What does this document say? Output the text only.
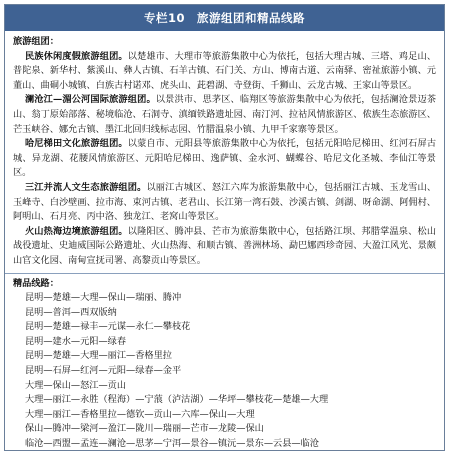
专栏10 旅游组团和精品线路
旅游组团：

民族休闲度假旅游组团。以楚雄市、大理市等旅游集散中心为依托，包括大理古城、三塔、鸡足山、普陀泉、新华村、紫溪山、彝人古镇、石羊古镇、石门关、方山、博南古道、云南驿、密祉旅游小镇、元董山、曲硐小城镇、白族古村诺邓、虎头山、茈碧湖、寺登街、千狮山、云龙古城、王家山等景区。

澜沧江—湄公河国际旅游组团。以景洪市、思茅区、临翔区等旅游集散中心为依托，包括澜沧景迈茶山、翁丁原始部落、秘境临沧、石洞寺、滇缅铁路遗址园、南汀河、拉祜风情旅游区、侬族生态旅游区、芒玉峡谷、娜允古镇、墨江北回归线标志园、竹腊温泉小镇、九甲千家寨等景区。

哈尼梯田文化旅游组团。以蒙自市、元阳县等旅游集散中心为依托，包括元阳哈尼梯田、红河石屏古城、异龙湖、花腰风情旅游区、元阳哈尼梯田、逸萨镇、金水河、蝴蝶谷、哈尼文化圣城、李仙江等景区。

三江并流人文生态旅游组团。以丽江古城区、怒江六库为旅游集散中心，包括丽江古城、玉龙雪山、玉峰寺、白沙壁画、拉市海、束河古镇、老君山、长江第一湾石鼓、沙溪古镇、剑湖、呀命湖、阿佣村、阿明山、石月亮、丙中洛、独龙江、老窝山等景区。

火山热海边境旅游组团。以隆阳区、腾冲县、芒市为旅游集散中心，包括路江坝、邦腊掌温泉、松山战役遗址、史迪威国际公路遗址、火山热海、和顺古镇、善洲林场、勐巴娜西珍奇园、大盈江风光、景颇山官文化园、南甸宣抚司署、高黎贡山等景区。

精品线路：
昆明—楚雄—大理—保山—瑞丽、腾冲
昆明—普洱—西双版纳
昆明—楚雄—禄丰—元谋—永仁—攀枝花
昆明—建水—元阳—绿春
昆明—楚雄—大理—丽江—香格里拉
昆明—石屏—红河—元阳—绿春—金平
大理—保山—怒江—贡山
大理—丽江—永胜（程海）—宁蒗（泸沽湖）—华坪—攀枝花—楚雄—大理
大理—丽江—香格里拉—德钦—贡山—六库—保山—大理
保山—腾冲—梁河—盈江—陇川—瑞丽—芒市—龙陵—保山
临沧—西盟—孟连—澜沧—思茅—宁洱—景谷—镇沅—景东—云县—临沧
